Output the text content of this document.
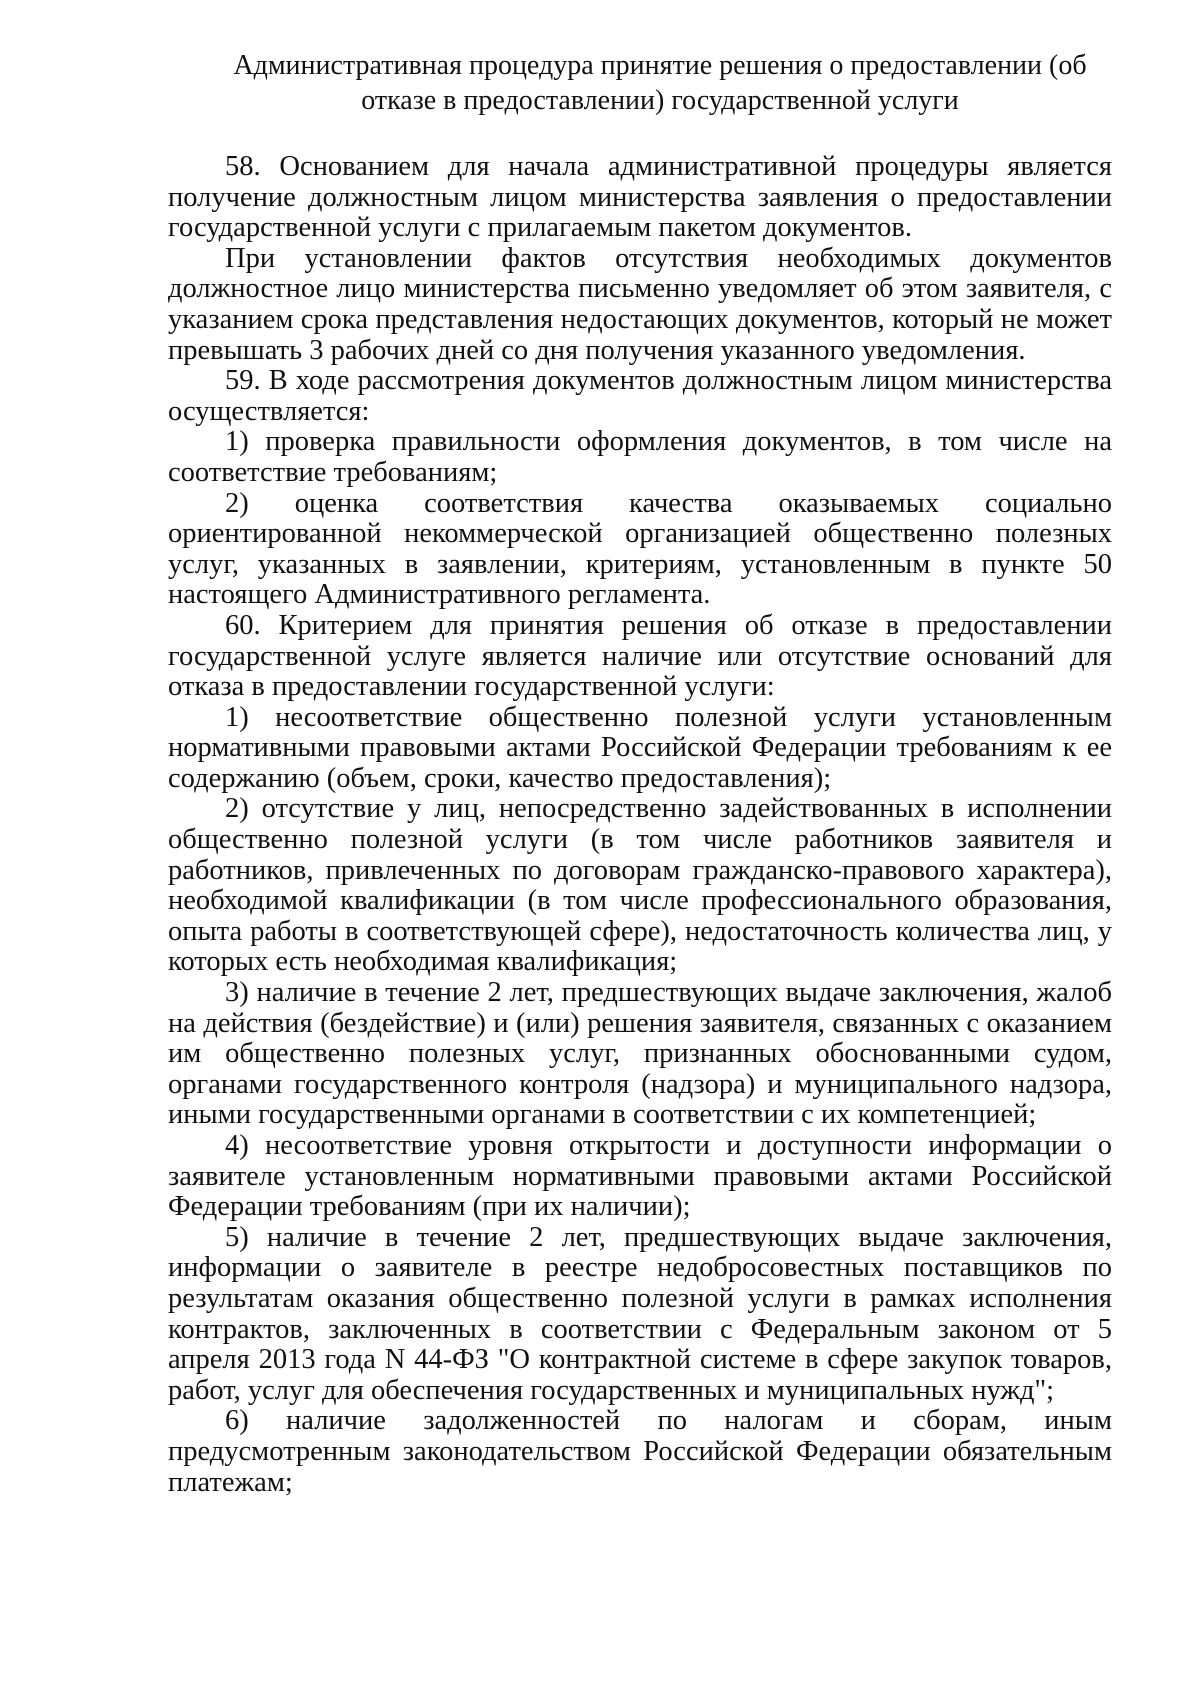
Административная процедура принятие решения о предоставлении (об отказе в предоставлении) государственной услуги

58. Основанием для начала административной процедуры является получение должностным лицом министерства заявления о предоставлении государственной услуги с прилагаемым пакетом документов.

При установлении фактов отсутствия необходимых документов должностное лицо министерства письменно уведомляет об этом заявителя, с указанием срока представления недостающих документов, который не может превышать 3 рабочих дней со дня получения указанного уведомления.

59. В ходе рассмотрения документов должностным лицом министерства осуществляется:

1) проверка правильности оформления документов, в том числе на соответствие требованиям;

2) оценка соответствия качества оказываемых социально ориентированной некоммерческой организацией общественно полезных услуг, указанных в заявлении, критериям, установленным в пункте 50 настоящего Административного регламента.

60. Критерием для принятия решения об отказе в предоставлении государственной услуге является наличие или отсутствие оснований для отказа в предоставлении государственной услуги:

1) несоответствие общественно полезной услуги установленным нормативными правовыми актами Российской Федерации требованиям к ее содержанию (объем, сроки, качество предоставления);

2) отсутствие у лиц, непосредственно задействованных в исполнении общественно полезной услуги (в том числе работников заявителя и работников, привлеченных по договорам гражданско-правового характера), необходимой квалификации (в том числе профессионального образования, опыта работы в соответствующей сфере), недостаточность количества лиц, у которых есть необходимая квалификация;

3) наличие в течение 2 лет, предшествующих выдаче заключения, жалоб на действия (бездействие) и (или) решения заявителя, связанных с оказанием им общественно полезных услуг, признанных обоснованными судом, органами государственного контроля (надзора) и муниципального надзора, иными государственными органами в соответствии с их компетенцией;

4) несоответствие уровня открытости и доступности информации о заявителе установленным нормативными правовыми актами Российской Федерации требованиям (при их наличии);

5) наличие в течение 2 лет, предшествующих выдаче заключения, информации о заявителе в реестре недобросовестных поставщиков по результатам оказания общественно полезной услуги в рамках исполнения контрактов, заключенных в соответствии с Федеральным законом от 5 апреля 2013 года N 44-ФЗ "О контрактной системе в сфере закупок товаров, работ, услуг для обеспечения государственных и муниципальных нужд";

6) наличие задолженностей по налогам и сборам, иным предусмотренным законодательством Российской Федерации обязательным платежам;
